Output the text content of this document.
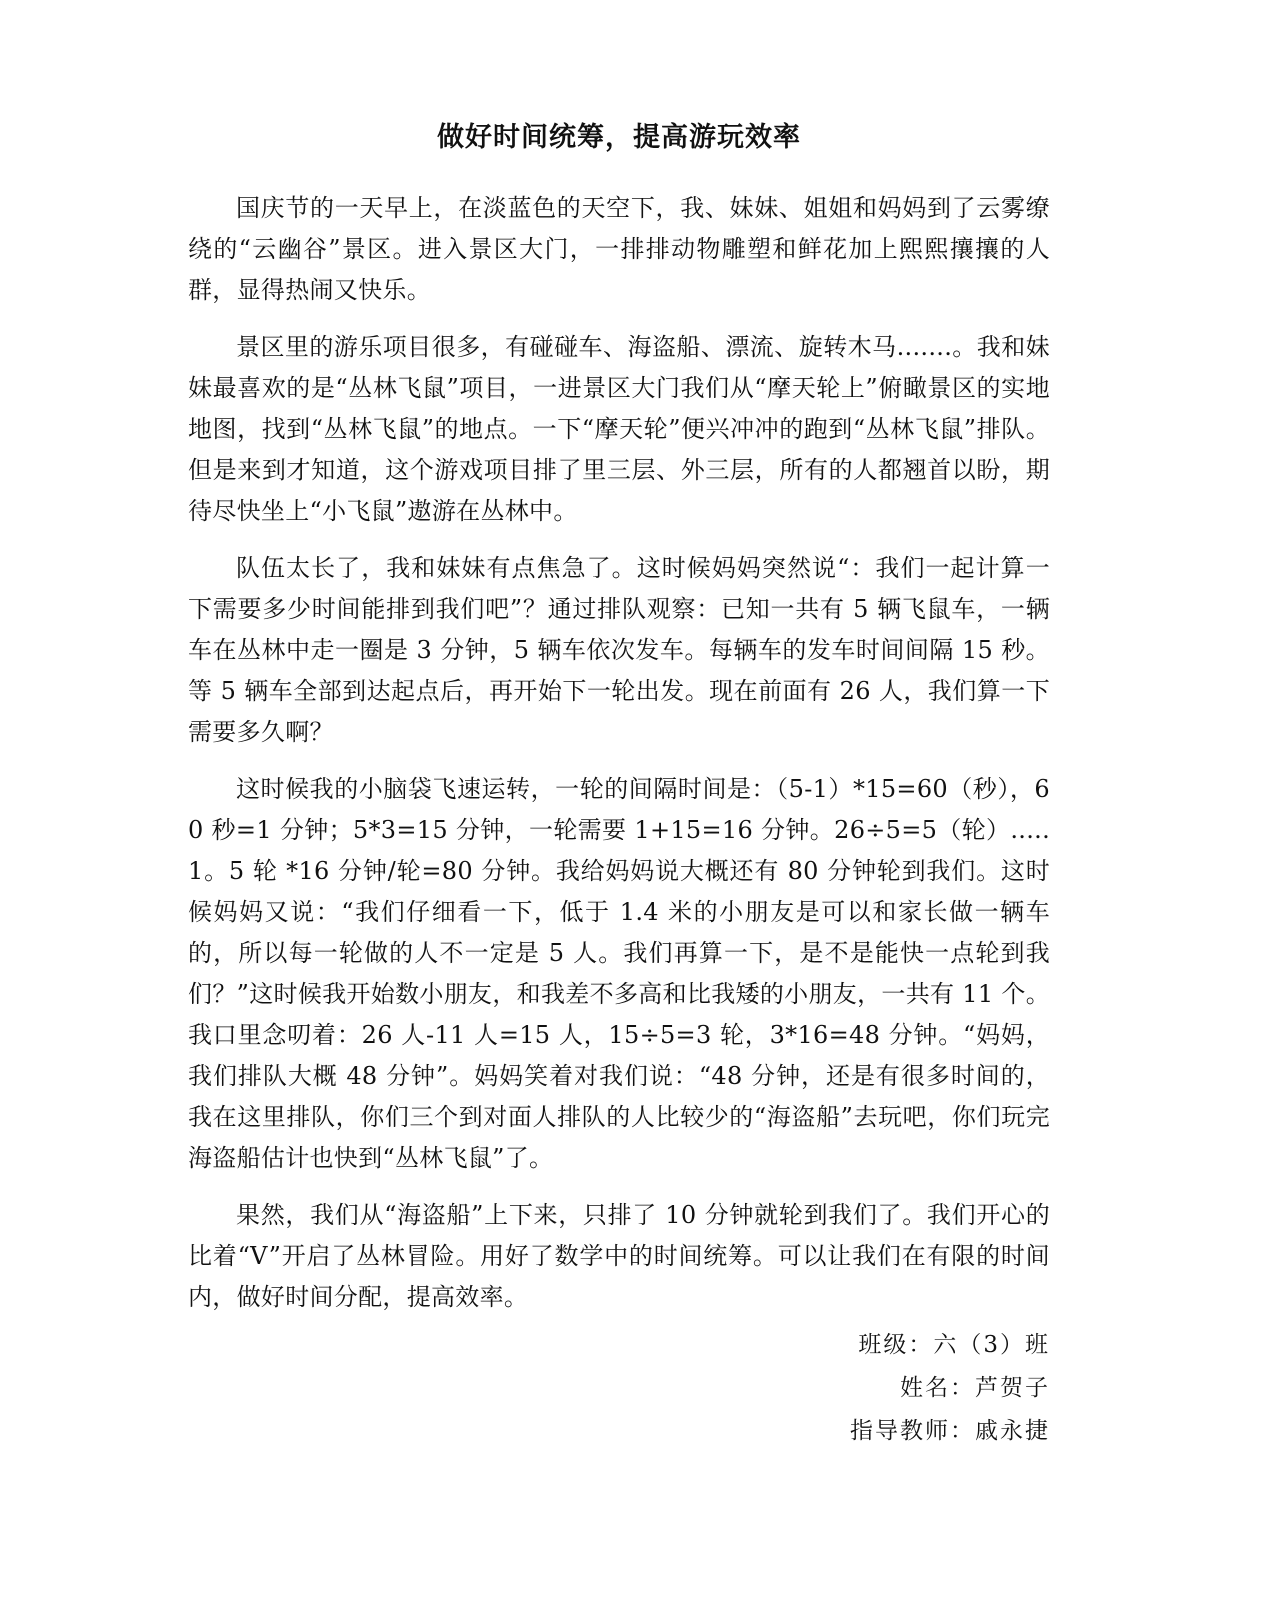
做好时间统筹，提高游玩效率

国庆节的一天早上，在淡蓝色的天空下，我、妹妹、姐姐和妈妈到了云雾缭绕的“云幽谷”景区。进入景区大门，一排排动物雕塑和鲜花加上熙熙攘攘的人群，显得热闹又快乐。

景区里的游乐项目很多，有碰碰车、海盗船、漂流、旋转木马.......。我和妹妹最喜欢的是“丛林飞鼠”项目，一进景区大门我们从“摩天轮上”俯瞰景区的实地地图，找到“丛林飞鼠”的地点。一下“摩天轮”便兴冲冲的跑到“丛林飞鼠”排队。但是来到才知道，这个游戏项目排了里三层、外三层，所有的人都翘首以盼，期待尽快坐上“小飞鼠”遨游在丛林中。

队伍太长了，我和妹妹有点焦急了。这时候妈妈突然说“：我们一起计算一下需要多少时间能排到我们吧”？通过排队观察：已知一共有 5 辆飞鼠车，一辆车在丛林中走一圈是 3 分钟，5 辆车依次发车。每辆车的发车时间间隔 15 秒。等 5 辆车全部到达起点后，再开始下一轮出发。现在前面有 26 人，我们算一下需要多久啊？

这时候我的小脑袋飞速运转，一轮的间隔时间是：（5-1）*15=60（秒），60 秒=1 分钟；5*3=15 分钟，一轮需要 1+15=16 分钟。26÷5=5（轮）.....1。5 轮 *16 分钟/轮=80 分钟。我给妈妈说大概还有 80 分钟轮到我们。这时候妈妈又说：“我们仔细看一下，低于 1.4 米的小朋友是可以和家长做一辆车的，所以每一轮做的人不一定是 5 人。我们再算一下，是不是能快一点轮到我们？”这时候我开始数小朋友，和我差不多高和比我矮的小朋友，一共有 11 个。我口里念叨着：26 人-11 人=15 人，15÷5=3 轮，3*16=48 分钟。“妈妈，我们排队大概 48 分钟”。妈妈笑着对我们说：“48 分钟，还是有很多时间的，我在这里排队，你们三个到对面人排队的人比较少的“海盗船”去玩吧，你们玩完海盗船估计也快到“丛林飞鼠”了。

果然，我们从“海盗船”上下来，只排了 10 分钟就轮到我们了。我们开心的比着“V”开启了丛林冒险。用好了数学中的时间统筹。可以让我们在有限的时间内，做好时间分配，提高效率。

班级：六（3）班
姓名：芦贺子
指导教师：戚永捷
